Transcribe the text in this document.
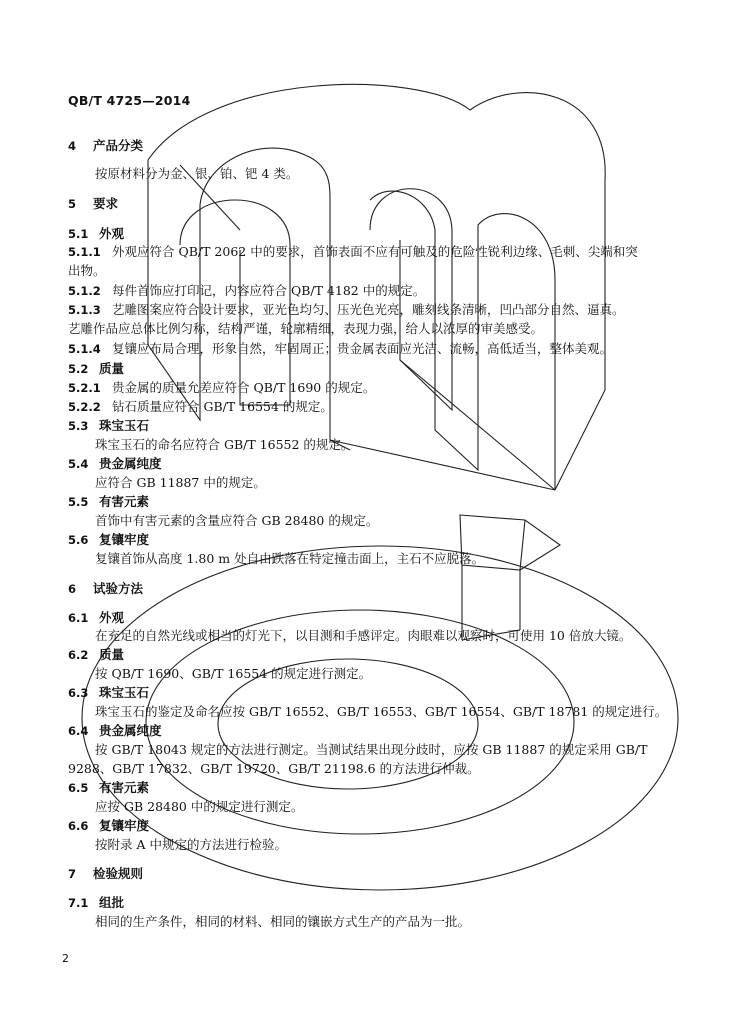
QB/T 4725—2014
4 产品分类
按原材料分为金、银、铂、钯 4 类。
5 要求
5.1 外观
5.1.1 外观应符合 QB/T 2062 中的要求，首饰表面不应有可触及的危险性锐利边缘、毛刺、尖端和突
出物。
5.1.2 每件首饰应打印记，内容应符合 QB/T 4182 中的规定。
5.1.3 艺雕图案应符合设计要求，亚光色均匀、压光色光亮，雕刻线条清晰，凹凸部分自然、逼真。
艺雕作品应总体比例匀称，结构严谨，轮廓精细，表现力强，给人以浓厚的审美感受。
5.1.4 复镶应布局合理，形象自然，牢固周正；贵金属表面应光洁、流畅，高低适当，整体美观。
5.2 质量
5.2.1 贵金属的质量允差应符合 QB/T 1690 的规定。
5.2.2 钻石质量应符合 GB/T 16554 的规定。
5.3 珠宝玉石
珠宝玉石的命名应符合 GB/T 16552 的规定。
5.4 贵金属纯度
应符合 GB 11887 中的规定。
5.5 有害元素
首饰中有害元素的含量应符合 GB 28480 的规定。
5.6 复镶牢度
复镶首饰从高度 1.80 m 处自由跌落在特定撞击面上，主石不应脱落。
6 试验方法
6.1 外观
在充足的自然光线或相当的灯光下，以目测和手感评定。肉眼难以观察时，可使用 10 倍放大镜。
6.2 质量
按 QB/T 1690、GB/T 16554 的规定进行测定。
6.3 珠宝玉石
珠宝玉石的鉴定及命名应按 GB/T 16552、GB/T 16553、GB/T 16554、GB/T 18781 的规定进行。
6.4 贵金属纯度
按 GB/T 18043 规定的方法进行测定。当测试结果出现分歧时，应按 GB 11887 的规定采用 GB/T
9288、GB/T 17832、GB/T 19720、GB/T 21198.6 的方法进行仲裁。
6.5 有害元素
应按 GB 28480 中的规定进行测定。
6.6 复镶牢度
按附录 A 中规定的方法进行检验。
7 检验规则
7.1 组批
相同的生产条件，相同的材料、相同的镶嵌方式生产的产品为一批。
2
